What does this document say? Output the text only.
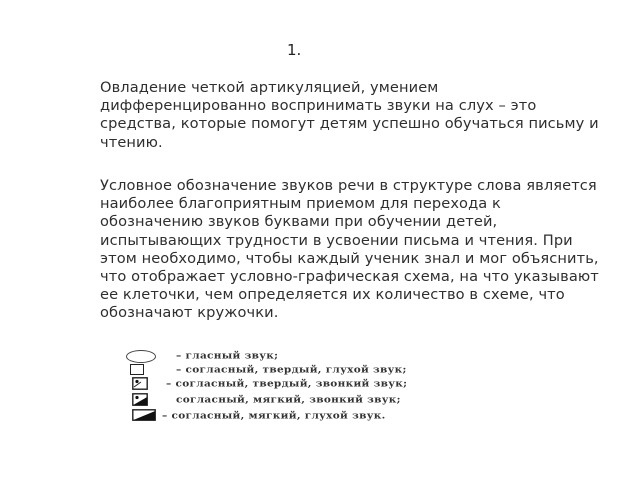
1.

Овладение четкой артикуляцией, умением дифференцированно воспринимать звуки на слух – это средства, которые помогут детям успешно обучаться письму и чтению.

Условное обозначение звуков речи в структуре слова является наиболее благоприятным приемом для перехода к обозначению звуков буквами при обучении детей, испытывающих трудности в усвоении письма и чтения. При этом необходимо, чтобы каждый ученик знал и мог объяснить, что отображает условно-графическая схема, на что указывают ее клеточки, чем определяется их количество в схеме, что обозначают кружочки.

– гласный звук;
– согласный, твердый, глухой звук;
– согласный, твердый, звонкий звук;
согласный, мягкий, звонкий звук;
– согласный, мягкий, глухой звук.
